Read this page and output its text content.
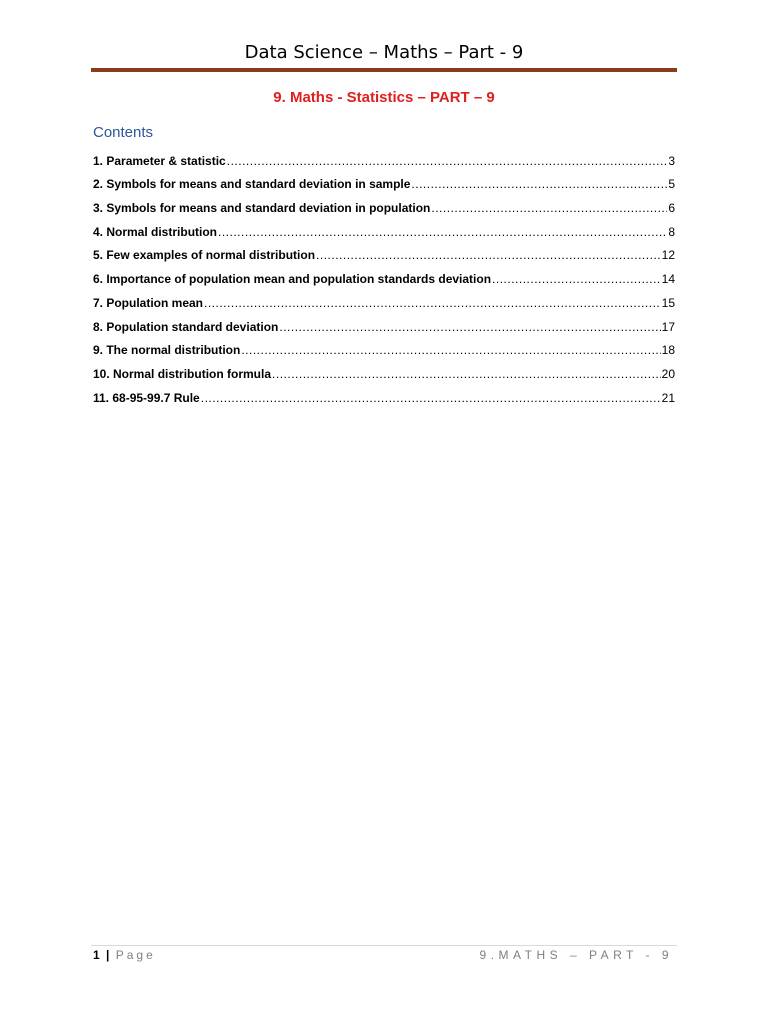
Data Science – Maths – Part - 9
9. Maths - Statistics – PART – 9
Contents
1. Parameter & statistic .....	3
2. Symbols for means and standard deviation in sample .....	5
3. Symbols for means and standard deviation in population .....	6
4. Normal distribution .....	8
5. Few examples of normal distribution .....	12
6. Importance of population mean and population standards deviation .....	14
7. Population mean .....	15
8. Population standard deviation .....	17
9. The normal distribution .....	18
10. Normal distribution formula .....	20
11. 68-95-99.7 Rule .....	21
1 | Page	9.MATHS – PART - 9
